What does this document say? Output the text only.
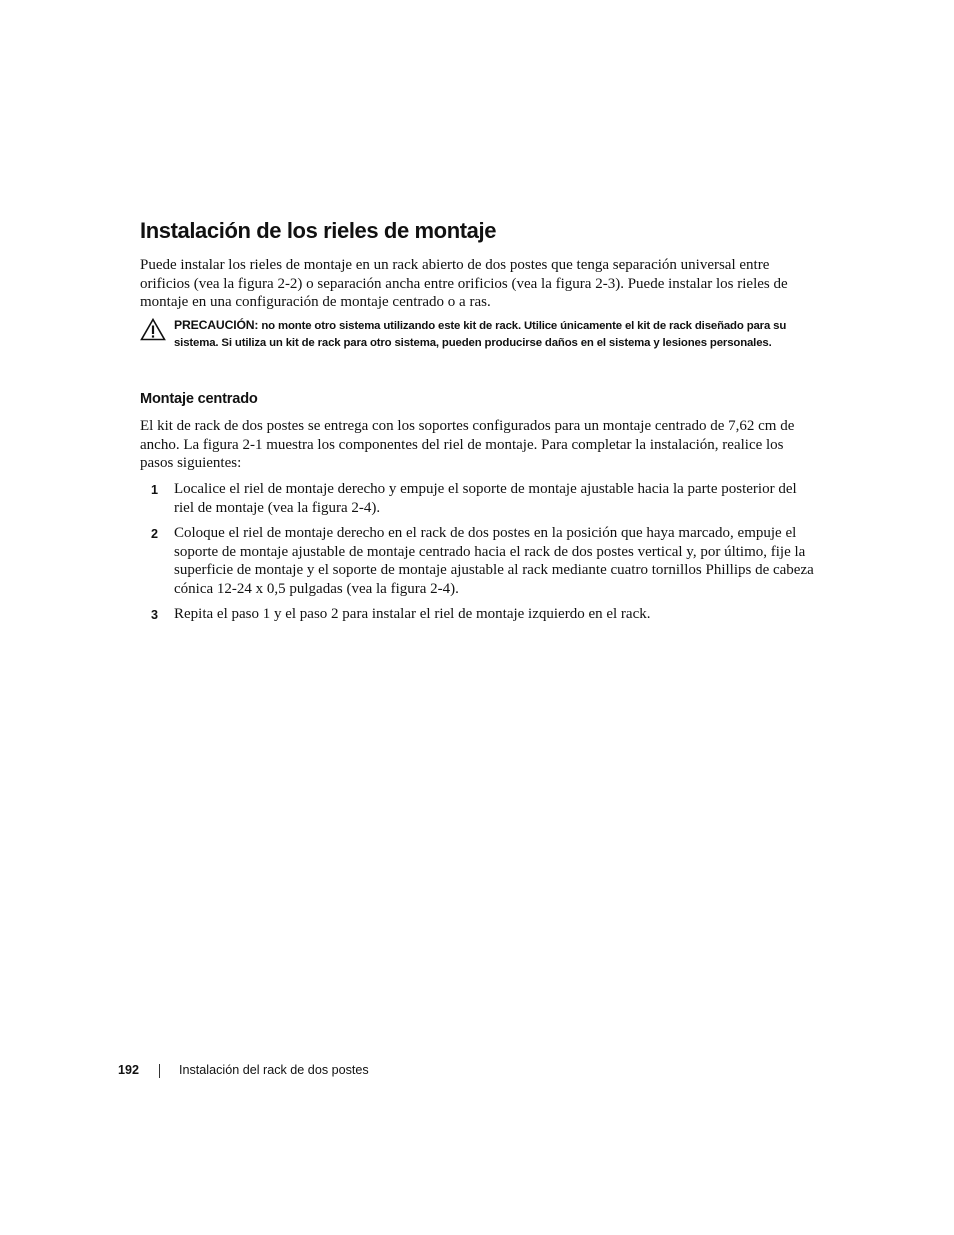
Instalación de los rieles de montaje

Puede instalar los rieles de montaje en un rack abierto de dos postes que tenga separación universal entre orificios (vea la figura 2-2) o separación ancha entre orificios (vea la figura 2-3). Puede instalar los rieles de montaje en una configuración de montaje centrado o a ras.

PRECAUCIÓN: no monte otro sistema utilizando este kit de rack. Utilice únicamente el kit de rack diseñado para su sistema. Si utiliza un kit de rack para otro sistema, pueden producirse daños en el sistema y lesiones personales.

Montaje centrado

El kit de rack de dos postes se entrega con los soportes configurados para un montaje centrado de 7,62 cm de ancho. La figura 2-1 muestra los componentes del riel de montaje. Para completar la instalación, realice los pasos siguientes:

1 Localice el riel de montaje derecho y empuje el soporte de montaje ajustable hacia la parte posterior del riel de montaje (vea la figura 2-4).
2 Coloque el riel de montaje derecho en el rack de dos postes en la posición que haya marcado, empuje el soporte de montaje ajustable de montaje centrado hacia el rack de dos postes vertical y, por último, fije la superficie de montaje y el soporte de montaje ajustable al rack mediante cuatro tornillos Phillips de cabeza cónica 12-24 x 0,5 pulgadas (vea la figura 2-4).
3 Repita el paso 1 y el paso 2 para instalar el riel de montaje izquierdo en el rack.
192	Instalación del rack de dos postes
